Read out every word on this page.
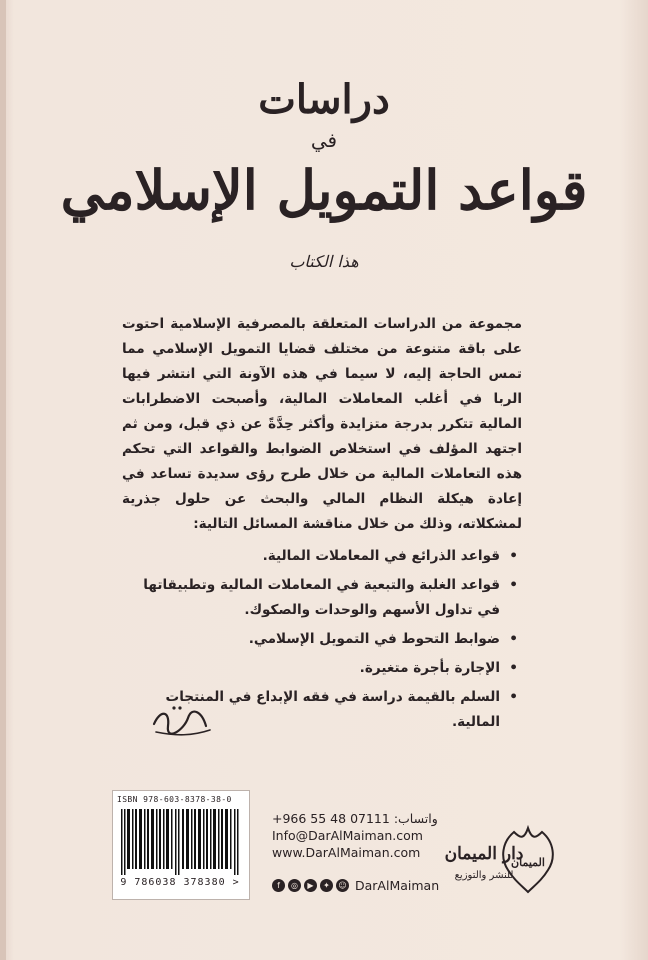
دراسات
في
قواعد التمويل الإسلامي
هذا الكتاب

مجموعة من الدراسات المتعلقة بالمصرفية الإسلامية احتوت على باقة متنوعة من مختلف قضايا التمويل الإسلامي مما تمس الحاجة إليه، لا سيما في هذه الآونة التي انتشر فيها الربا في أغلب المعاملات المالية، وأصبحت الاضطرابات المالية تتكرر بدرجة متزايدة وأكثر حِدَّةً عن ذي قبل، ومن ثم اجتهد المؤلف في استخلاص الضوابط والقواعد التي تحكم هذه التعاملات المالية من خلال طرح رؤى سديدة تساعد في إعادة هيكلة النظام المالي والبحث عن حلول جذرية لمشكلاته، وذلك من خلال مناقشة المسائل التالية:

• قواعد الذرائع في المعاملات المالية.
• قواعد الغلبة والتبعية في المعاملات المالية وتطبيقاتها في تداول الأسهم والوحدات والصكوك.
• ضوابط التحوط في التمويل الإسلامي.
• الإجارة بأجرة متغيرة.
• السلم بالقيمة دراسة في فقه الإبداع في المنتجات المالية.
ISBN 978-603-8378-38-0
9 786038 378380 >
واتساب: +966 55 48 07111
Info@DarAlMaiman.com
www.DarAlMaiman.com
f	◎	▶	✦	☺ DarAlMaiman
دار الميمان
للنشر والتوزيع
الميمان
